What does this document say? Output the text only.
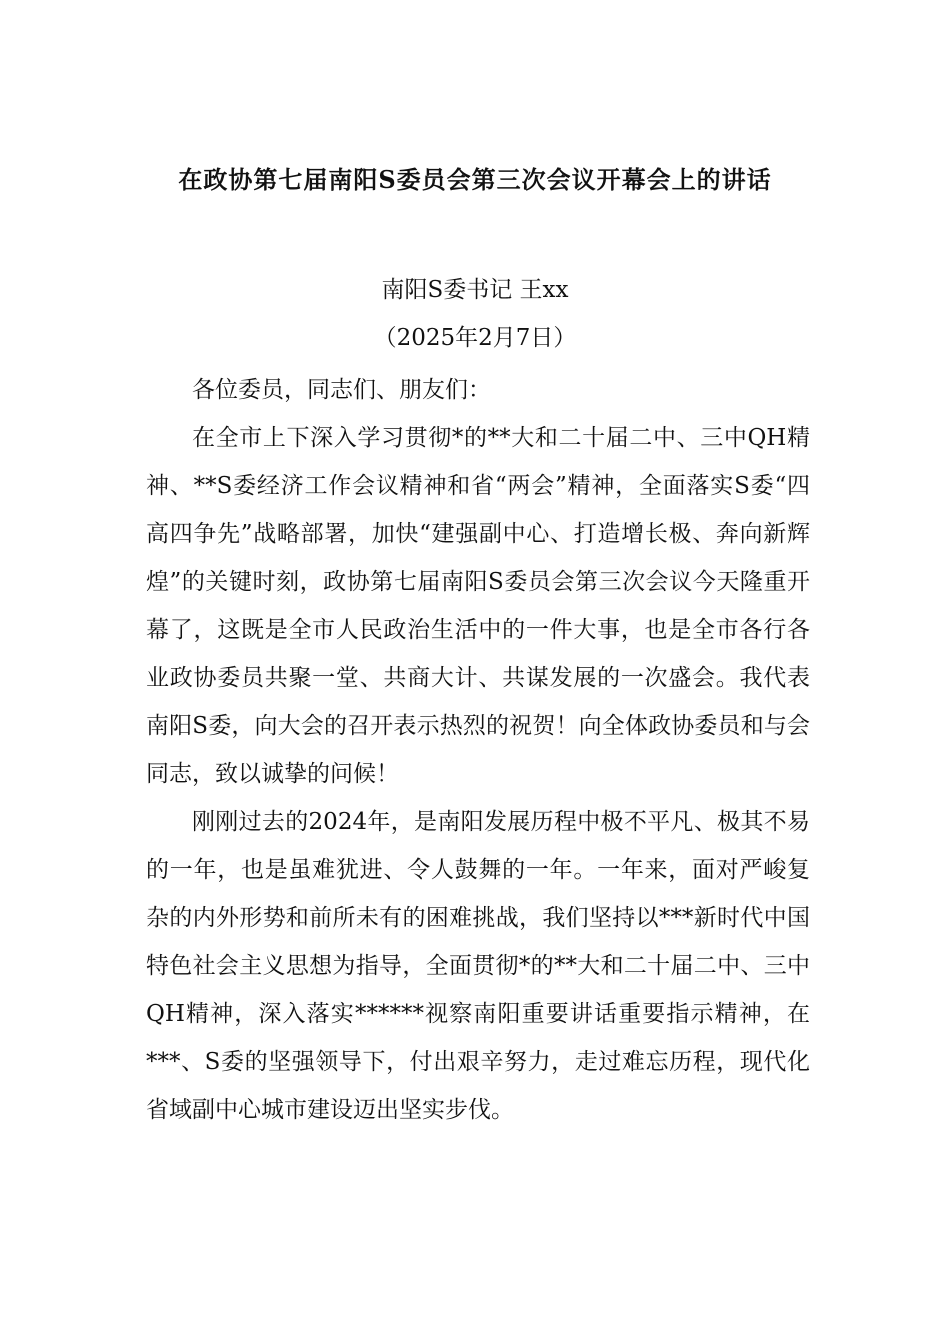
在政协第七届南阳S委员会第三次会议开幕会上的讲话

南阳S委书记 王xx

（2025年2月7日）

各位委员，同志们、朋友们：

在全市上下深入学习贯彻*的**大和二十届二中、三中QH精神、**S委经济工作会议精神和省“两会”精神，全面落实S委“四高四争先”战略部署，加快“建强副中心、打造增长极、奔向新辉煌”的关键时刻，政协第七届南阳S委员会第三次会议今天隆重开幕了，这既是全市人民政治生活中的一件大事，也是全市各行各业政协委员共聚一堂、共商大计、共谋发展的一次盛会。我代表南阳S委，向大会的召开表示热烈的祝贺！向全体政协委员和与会同志，致以诚挚的问候！

刚刚过去的2024年，是南阳发展历程中极不平凡、极其不易的一年，也是虽难犹进、令人鼓舞的一年。一年来，面对严峻复杂的内外形势和前所未有的困难挑战，我们坚持以***新时代中国特色社会主义思想为指导，全面贯彻*的**大和二十届二中、三中QH精神，深入落实******视察南阳重要讲话重要指示精神，在***、S委的坚强领导下，付出艰辛努力，走过难忘历程，现代化省域副中心城市建设迈出坚实步伐。
